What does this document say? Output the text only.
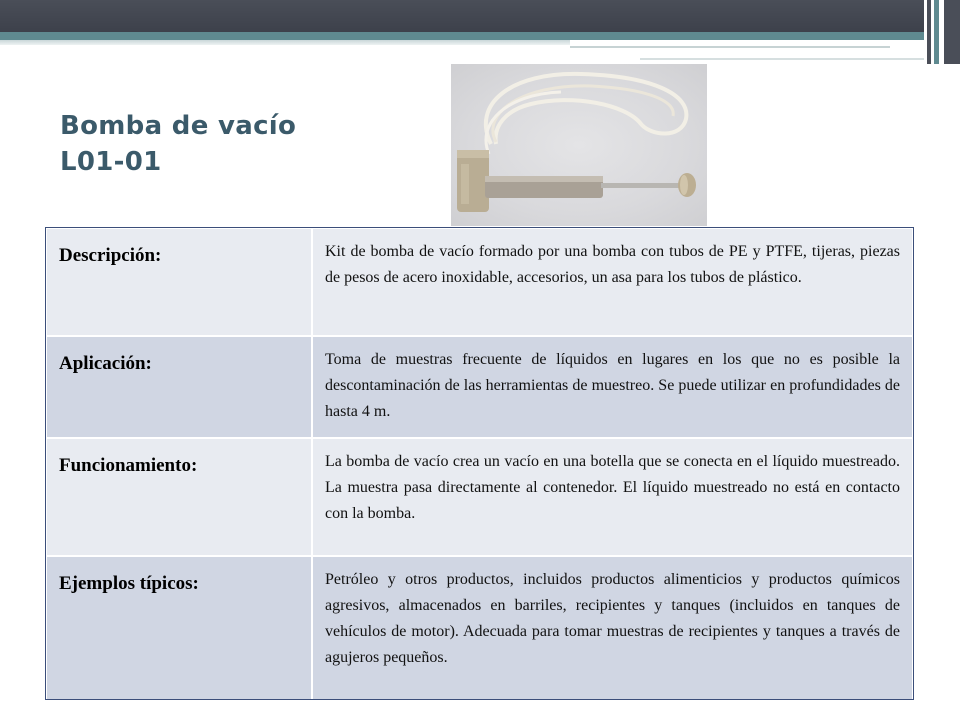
Bomba de vacío
L01-01
Descripción:	Kit de bomba de vacío formado por una bomba con tubos de PE y PTFE, tijeras, piezas de pesos de acero inoxidable, accesorios, un asa para los tubos de plástico.
Aplicación:	Toma de muestras frecuente de líquidos en lugares en los que no es posible la descontaminación de las herramientas de muestreo. Se puede utilizar en profundidades de hasta 4 m.
Funcionamiento:	La bomba de vacío crea un vacío en una botella que se conecta en el líquido muestreado. La muestra pasa directamente al contenedor. El líquido muestreado no está en contacto con la bomba.
Ejemplos típicos:	Petróleo y otros productos, incluidos productos alimenticios y productos químicos agresivos, almacenados en barriles, recipientes y tanques (incluidos en tanques de vehículos de motor). Adecuada para tomar muestras de recipientes y tanques a través de agujeros pequeños.
